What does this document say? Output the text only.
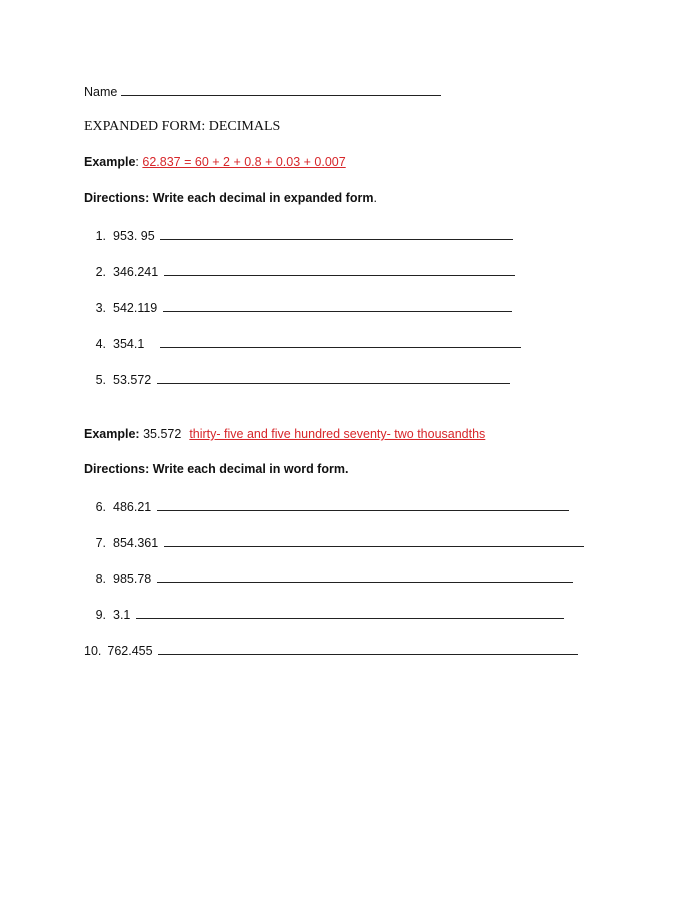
Name
EXPANDED FORM: DECIMALS
Example: 62.837 = 60 + 2 + 0.8 + 0.03 + 0.007
Directions: Write each decimal in expanded form.
1. 953. 95
2. 346.241
3. 542.119
4. 354.1
5. 53.572
Example: 35.572 thirty- five and five hundred seventy- two thousandths
Directions: Write each decimal in word form.
6. 486.21
7. 854.361
8. 985.78
9. 3.1
10. 762.455
